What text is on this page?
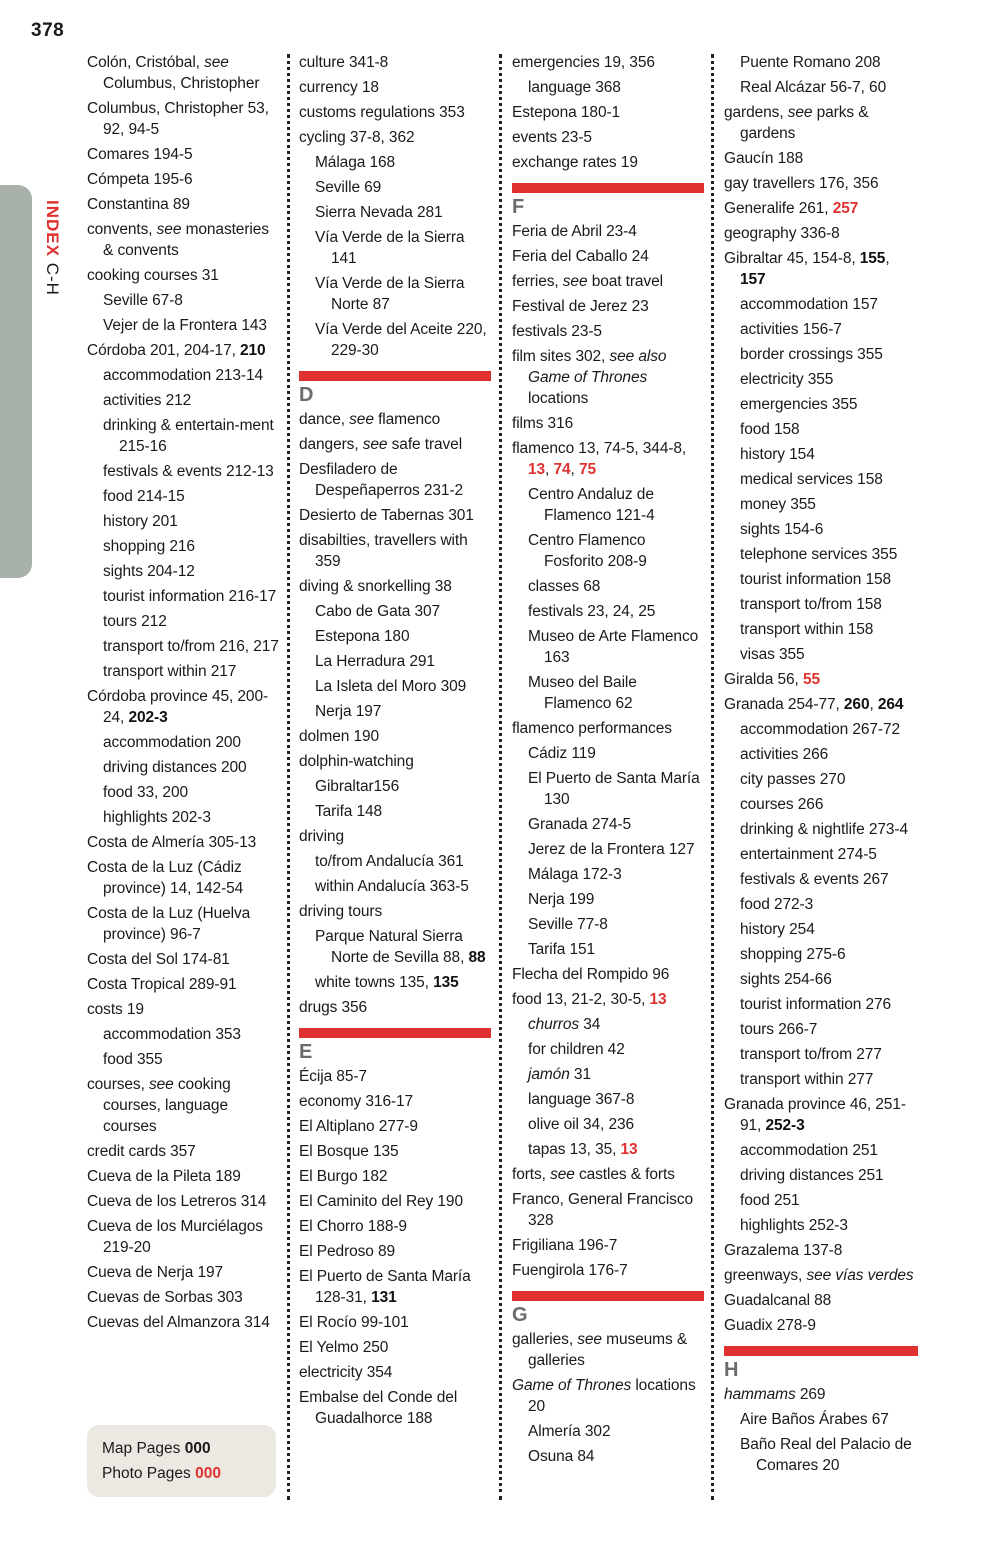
378
INDEX C-H
Colón, Cristóbal, see Columbus, Christopher
Columbus, Christopher 53, 92, 94-5
Comares 194-5
Cómpeta 195-6
Constantina 89
convents, see monasteries & convents
cooking courses 31
Seville 67-8
Vejer de la Frontera 143
Córdoba 201, 204-17, 210
accommodation 213-14
activities 212
drinking & entertain-ment 215-16
festivals & events 212-13
food 214-15
history 201
shopping 216
sights 204-12
tourist information 216-17
tours 212
transport to/from 216, 217
transport within 217
Córdoba province 45, 200-24, 202-3
accommodation 200
driving distances 200
food 33, 200
highlights 202-3
Costa de Almería 305-13
Costa de la Luz (Cádiz province) 14, 142-54
Costa de la Luz (Huelva province) 96-7
Costa del Sol 174-81
Costa Tropical 289-91
costs 19
accommodation 353
food 355
courses, see cooking courses, language courses
credit cards 357
Cueva de la Pileta 189
Cueva de los Letreros 314
Cueva de los Murciélagos 219-20
Cueva de Nerja 197
Cuevas de Sorbas 303
Cuevas del Almanzora 314
culture 341-8
currency 18
customs regulations 353
cycling 37-8, 362
Málaga 168
Seville 69
Sierra Nevada 281
Vía Verde de la Sierra 141
Vía Verde de la Sierra Norte 87
Vía Verde del Aceite 220, 229-30
D
dance, see flamenco
dangers, see safe travel
Desfiladero de Despeñaperros 231-2
Desierto de Tabernas 301
disabilties, travellers with 359
diving & snorkelling 38
Cabo de Gata 307
Estepona 180
La Herradura 291
La Isleta del Moro 309
Nerja 197
dolmen 190
dolphin-watching
Gibraltar156
Tarifa 148
driving
to/from Andalucía 361
within Andalucía 363-5
driving tours
Parque Natural Sierra Norte de Sevilla 88, 88
white towns 135, 135
drugs 356
E
Écija 85-7
economy 316-17
El Altiplano 277-9
El Bosque 135
El Burgo 182
El Caminito del Rey 190
El Chorro 188-9
El Pedroso 89
El Puerto de Santa María 128-31, 131
El Rocío 99-101
El Yelmo 250
electricity 354
Embalse del Conde del Guadalhorce 188
emergencies 19, 356
language 368
Estepona 180-1
events 23-5
exchange rates 19
F
Feria de Abril 23-4
Feria del Caballo 24
ferries, see boat travel
Festival de Jerez 23
festivals 23-5
film sites 302, see also Game of Thrones locations
films 316
flamenco 13, 74-5, 344-8, 13, 74, 75
Centro Andaluz de Flamenco 121-4
Centro Flamenco Fosforito 208-9
classes 68
festivals 23, 24, 25
Museo de Arte Flamenco 163
Museo del Baile Flamenco 62
flamenco performances
Cádiz 119
El Puerto de Santa María 130
Granada 274-5
Jerez de la Frontera 127
Málaga 172-3
Nerja 199
Seville 77-8
Tarifa 151
Flecha del Rompido 96
food 13, 21-2, 30-5, 13
churros 34
for children 42
jamón 31
language 367-8
olive oil 34, 236
tapas 13, 35, 13
forts, see castles & forts
Franco, General Francisco 328
Frigiliana 196-7
Fuengirola 176-7
G
galleries, see museums & galleries
Game of Thrones locations 20
Almería 302
Osuna 84
Puente Romano 208
Real Alcázar 56-7, 60
gardens, see parks & gardens
Gaucín 188
gay travellers 176, 356
Generalife 261, 257
geography 336-8
Gibraltar 45, 154-8, 155, 157
accommodation 157
activities 156-7
border crossings 355
electricity 355
emergencies 355
food 158
history 154
medical services 158
money 355
sights 154-6
telephone services 355
tourist information 158
transport to/from 158
transport within 158
visas 355
Giralda 56, 55
Granada 254-77, 260, 264
accommodation 267-72
activities 266
city passes 270
courses 266
drinking & nightlife 273-4
entertainment 274-5
festivals & events 267
food 272-3
history 254
shopping 275-6
sights 254-66
tourist information 276
tours 266-7
transport to/from 277
transport within 277
Granada province 46, 251-91, 252-3
accommodation 251
driving distances 251
food 251
highlights 252-3
Grazalema 137-8
greenways, see vías verdes
Guadalcanal 88
Guadix 278-9
H
hammams 269
Aire Baños Árabes 67
Baño Real del Palacio de Comares 20
Map Pages 000
Photo Pages 000
